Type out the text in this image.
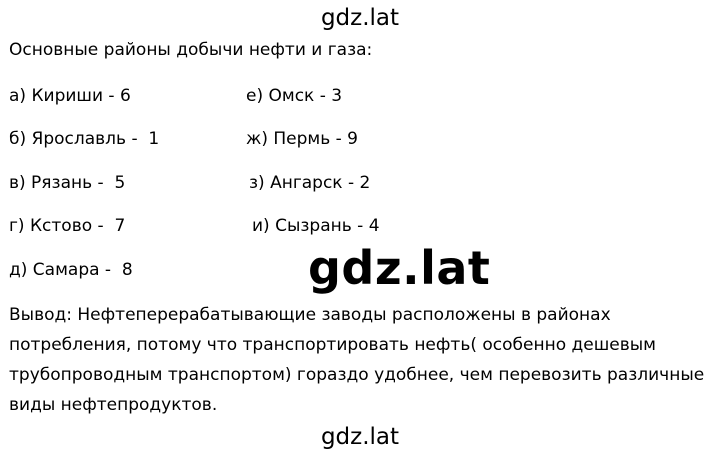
gdz.lat
Основные районы добычи нефти и газа:
а) Кириши - 6
б) Ярославль -  1
в) Рязань -  5
г) Кстово -  7
д) Самара -  8
е) Омск - 3
ж) Пермь - 9
з) Ангарск - 2
и) Сызрань - 4
gdz.lat
Вывод: Нефтеперерабатывающие заводы расположены в районах
потребления, потому что транспортировать нефть( особенно дешевым
трубопроводным транспортом) гораздо удобнее, чем перевозить различные
виды нефтепродуктов.
gdz.lat
